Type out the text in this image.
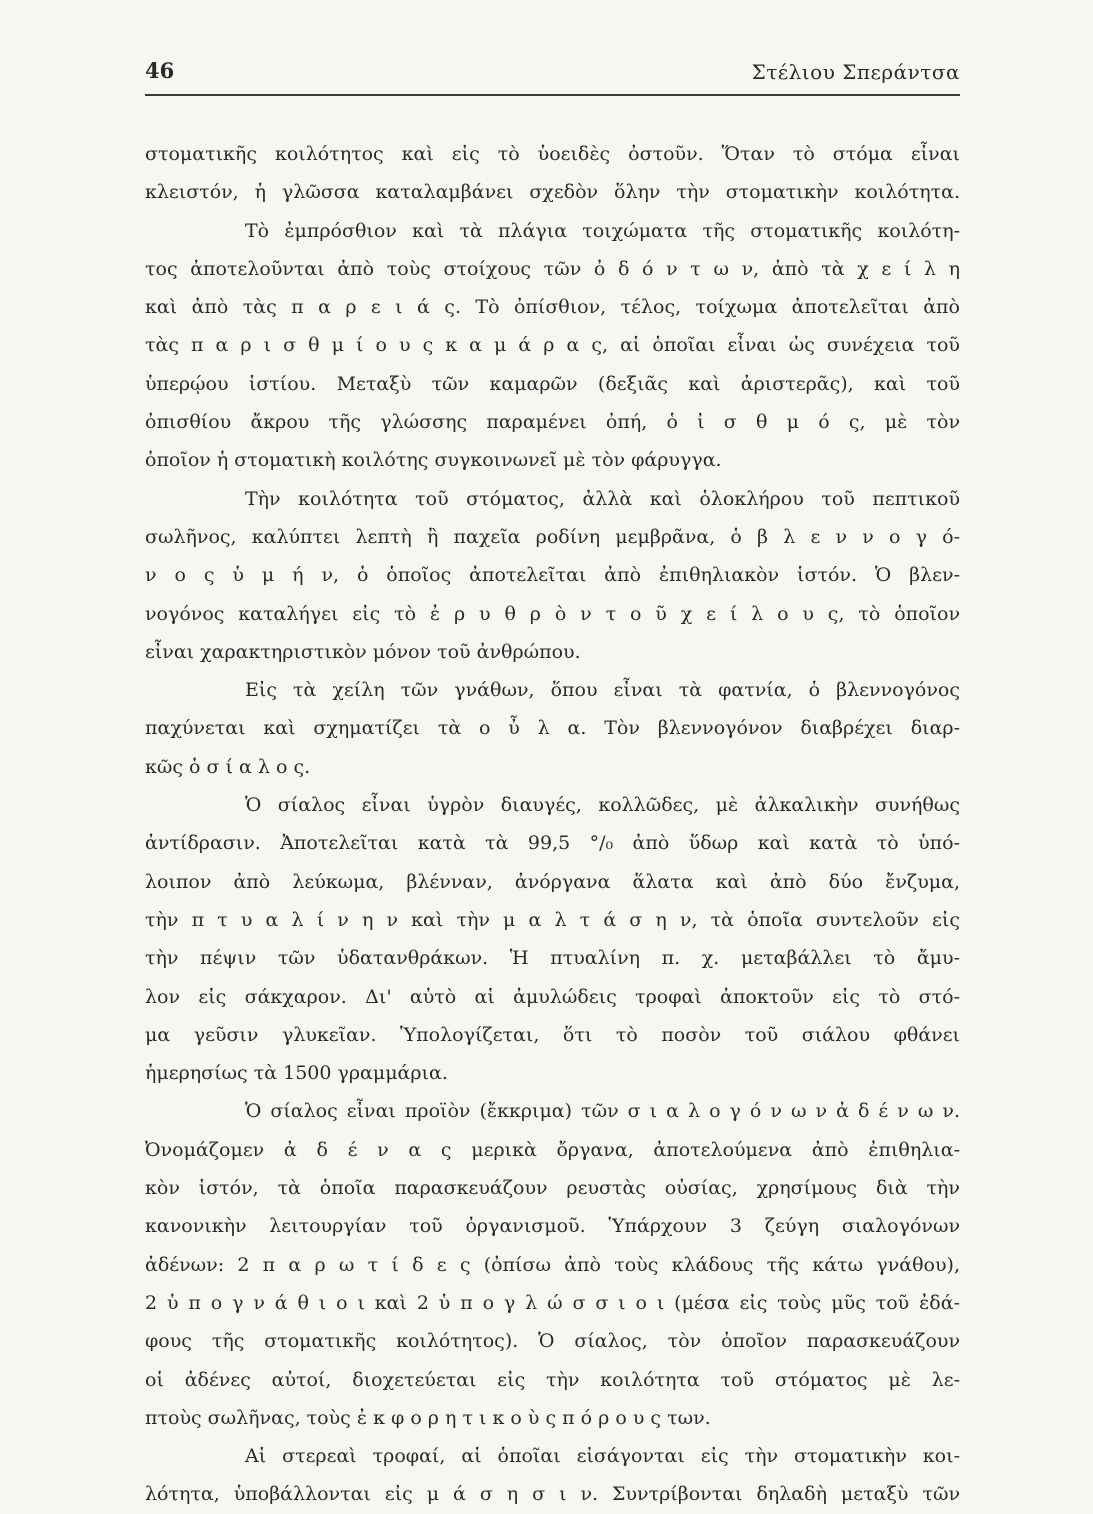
46	Στέλιου Σπεράντσα
στοματικῆς κοιλότητος καὶ εἰς τὸ ὑοειδὲς ὀστοῦν. Ὅταν τὸ στόμα εἶναι
κλειστόν, ἡ γλῶσσα καταλαμβάνει σχεδὸν ὅλην τὴν στοματικὴν κοιλότητα.
Τὸ ἐμπρόσθιον καὶ τὰ πλάγια τοιχώματα τῆς στοματικῆς κοιλότη-
τος ἀποτελοῦνται ἀπὸ τοὺς στοίχους τῶν ὀ δ ό ν τ ω ν, ἀπὸ τὰ χ ε ί λ η
καὶ ἀπὸ τὰς π α ρ ε ι ά ς. Τὸ ὀπίσθιον, τέλος, τοίχωμα ἀποτελεῖται ἀπὸ
τὰς π α ρ ι σ θ μ ί ο υ ς κ α μ ά ρ α ς, αἱ ὁποῖαι εἶναι ὡς συνέχεια τοῦ
ὑπερῴου ἱστίου. Μεταξὺ τῶν καμαρῶν (δεξιᾶς καὶ ἀριστερᾶς), καὶ τοῦ
ὀπισθίου ἄκρου τῆς γλώσσης παραμένει ὀπή, ὁ ἰ σ θ μ ό ς, μὲ τὸν
ὁποῖον ἡ στοματικὴ κοιλότης συγκοινωνεῖ μὲ τὸν φάρυγγα.
Τὴν κοιλότητα τοῦ στόματος, ἀλλὰ καὶ ὁλοκλήρου τοῦ πεπτικοῦ
σωλῆνος, καλύπτει λεπτὴ ἢ παχεῖα ροδίνη μεμβρᾶνα, ὁ β λ ε ν ν ο γ ό-
ν ο ς ὑ μ ή ν, ὁ ὁποῖος ἀποτελεῖται ἀπὸ ἐπιθηλιακὸν ἱστόν. Ὁ βλεν-
νογόνος καταλήγει εἰς τὸ ἐ ρ υ θ ρ ὸ ν τ ο ῦ χ ε ί λ ο υ ς, τὸ ὁποῖον
εἶναι χαρακτηριστικὸν μόνον τοῦ ἀνθρώπου.
Εἰς τὰ χείλη τῶν γνάθων, ὅπου εἶναι τὰ φατνία, ὁ βλεννογόνος
παχύνεται καὶ σχηματίζει τὰ ο ὖ λ α. Τὸν βλεννογόνον διαβρέχει διαρ-
κῶς ὁ σ ί α λ ο ς.
Ὁ σίαλος εἶναι ὑγρὸν διαυγές, κολλῶδες, μὲ ἀλκαλικὴν συνήθως
ἀντίδρασιν. Ἀποτελεῖται κατὰ τὰ 99,5 °/₀ ἀπὸ ὕδωρ καὶ κατὰ τὸ ὑπό-
λοιπον ἀπὸ λεύκωμα, βλένναν, ἀνόργανα ἅλατα καὶ ἀπὸ δύο ἔνζυμα,
τὴν π τ υ α λ ί ν η ν καὶ τὴν μ α λ τ ά σ η ν, τὰ ὁποῖα συντελοῦν εἰς
τὴν πέψιν τῶν ὑδατανθράκων. Ἡ πτυαλίνη π. χ. μεταβάλλει τὸ ἄμυ-
λον εἰς σάκχαρον. Δι' αὐτὸ αἱ ἀμυλώδεις τροφαὶ ἀποκτοῦν εἰς τὸ στό-
μα γεῦσιν γλυκεῖαν. Ὑπολογίζεται, ὅτι τὸ ποσὸν τοῦ σιάλου φθάνει
ἡμερησίως τὰ 1500 γραμμάρια.
Ὁ σίαλος εἶναι προϊὸν (ἔκκριμα) τῶν σ ι α λ ο γ ό ν ω ν ἀ δ έ ν ω ν.
Ὀνομάζομεν ἀ δ έ ν α ς μερικὰ ὄργανα, ἀποτελούμενα ἀπὸ ἐπιθηλια-
κὸν ἱστόν, τὰ ὁποῖα παρασκευάζουν ρευστὰς οὐσίας, χρησίμους διὰ τὴν
κανονικὴν λειτουργίαν τοῦ ὀργανισμοῦ. Ὑπάρχουν 3 ζεύγη σιαλογόνων
ἀδένων: 2 π α ρ ω τ ί δ ε ς (ὀπίσω ἀπὸ τοὺς κλάδους τῆς κάτω γνάθου),
2 ὑ π ο γ ν ά θ ι ο ι καὶ 2 ὑ π ο γ λ ώ σ σ ι ο ι (μέσα εἰς τοὺς μῦς τοῦ ἐδά-
φους τῆς στοματικῆς κοιλότητος). Ὁ σίαλος, τὸν ὁποῖον παρασκευάζουν
οἱ ἀδένες αὐτοί, διοχετεύεται εἰς τὴν κοιλότητα τοῦ στόματος μὲ λε-
πτοὺς σωλῆνας, τοὺς ἐ κ φ ο ρ η τ ι κ ο ὺ ς π ό ρ ο υ ς των.
Αἱ στερεαὶ τροφαί, αἱ ὁποῖαι εἰσάγονται εἰς τὴν στοματικὴν κοι-
λότητα, ὑποβάλλονται εἰς μ ά σ η σ ι ν. Συντρίβονται δηλαδὴ μεταξὺ τῶν
